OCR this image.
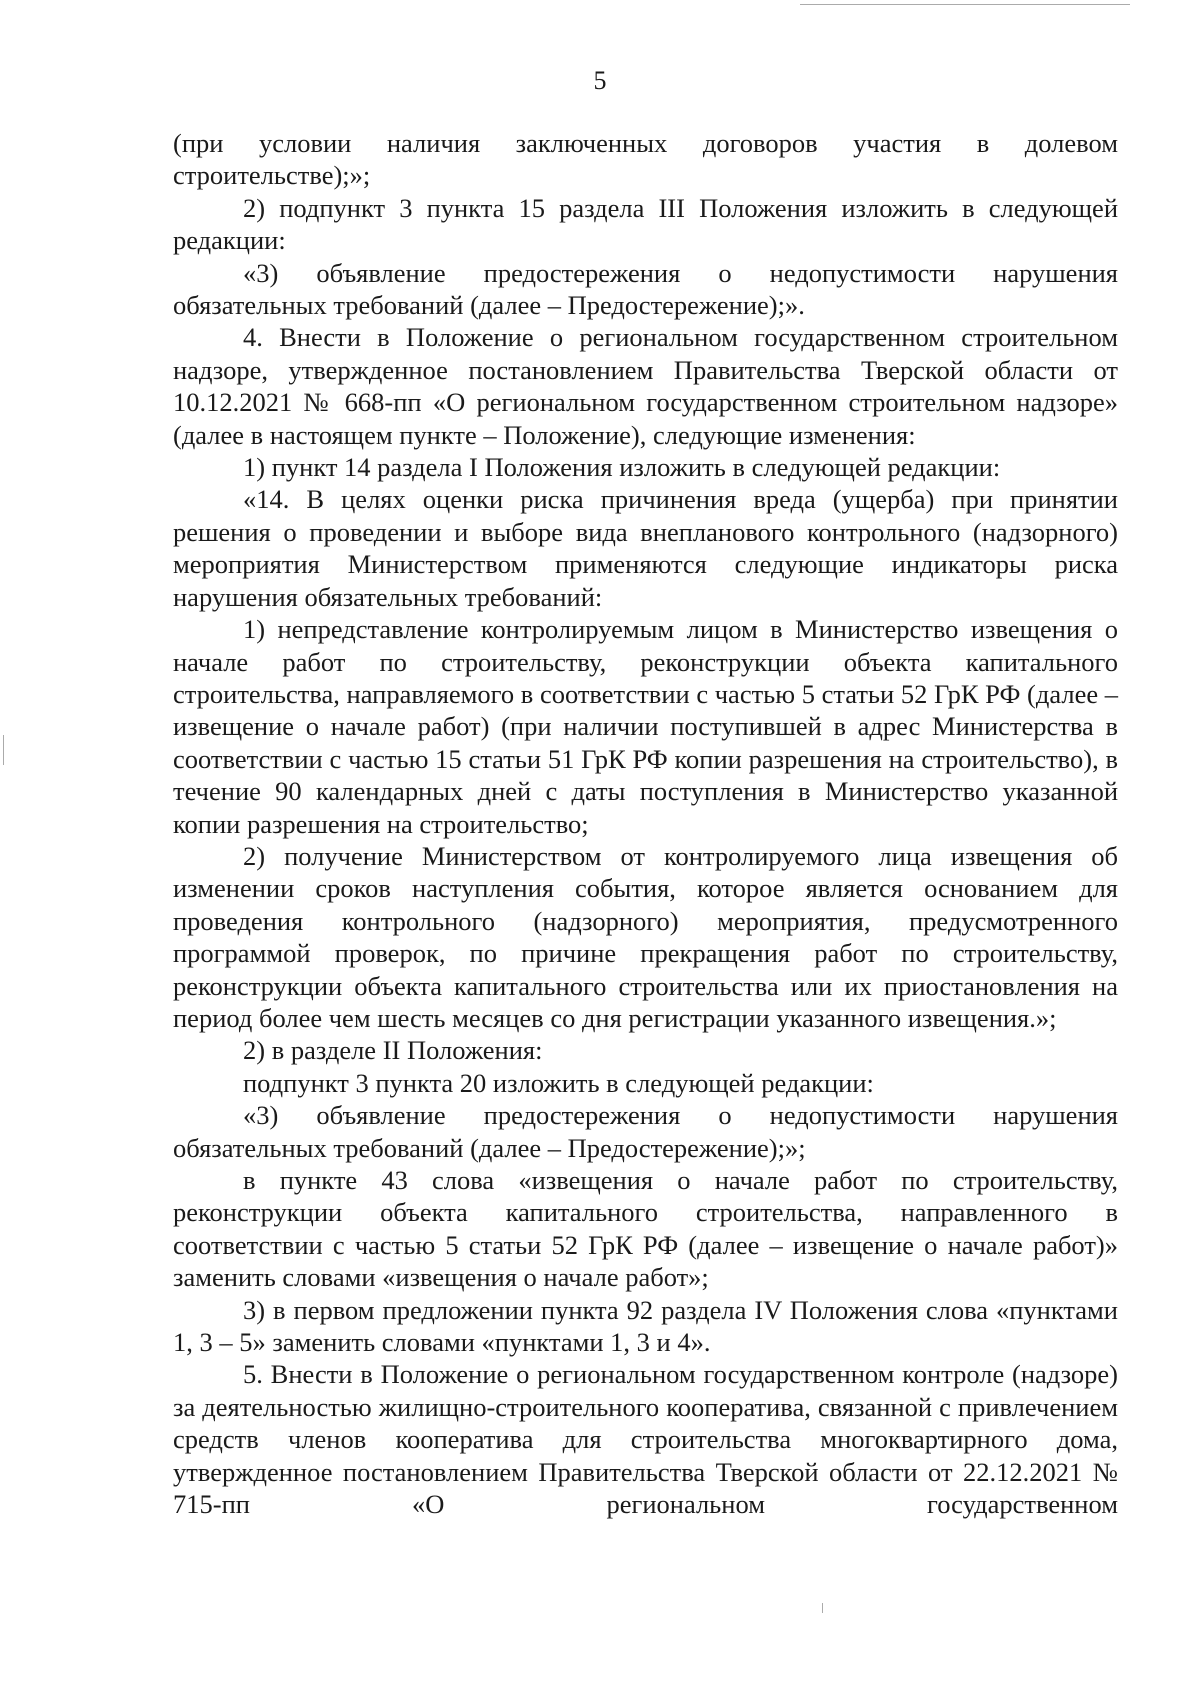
5

(при условии наличия заключенных договоров участия в долевом строительстве);»;

2) подпункт 3 пункта 15 раздела III Положения изложить в следующей редакции:

«3) объявление предостережения о недопустимости нарушения обязательных требований (далее – Предостережение);».

4. Внести в Положение о региональном государственном строительном надзоре, утвержденное постановлением Правительства Тверской области от 10.12.2021 № 668-пп «О региональном государственном строительном надзоре» (далее в настоящем пункте – Положение), следующие изменения:

1) пункт 14 раздела I Положения изложить в следующей редакции:

«14. В целях оценки риска причинения вреда (ущерба) при принятии решения о проведении и выборе вида внепланового контрольного (надзорного) мероприятия Министерством применяются следующие индикаторы риска нарушения обязательных требований:

1) непредставление контролируемым лицом в Министерство извещения о начале работ по строительству, реконструкции объекта капитального строительства, направляемого в соответствии с частью 5 статьи 52 ГрК РФ (далее – извещение о начале работ) (при наличии поступившей в адрес Министерства в соответствии с частью 15 статьи 51 ГрК РФ копии разрешения на строительство), в течение 90 календарных дней с даты поступления в Министерство указанной копии разрешения на строительство;

2) получение Министерством от контролируемого лица извещения об изменении сроков наступления события, которое является основанием для проведения контрольного (надзорного) мероприятия, предусмотренного программой проверок, по причине прекращения работ по строительству, реконструкции объекта капитального строительства или их приостановления на период более чем шесть месяцев со дня регистрации указанного извещения.»;

2) в разделе II Положения:

подпункт 3 пункта 20 изложить в следующей редакции:

«3) объявление предостережения о недопустимости нарушения обязательных требований (далее – Предостережение);»;

в пункте 43 слова «извещения о начале работ по строительству, реконструкции объекта капитального строительства, направленного в соответствии с частью 5 статьи 52 ГрК РФ (далее – извещение о начале работ)» заменить словами «извещения о начале работ»;

3) в первом предложении пункта 92 раздела IV Положения слова «пунктами 1, 3 – 5» заменить словами «пунктами 1, 3 и 4».

5. Внести в Положение о региональном государственном контроле (надзоре) за деятельностью жилищно-строительного кооператива, связанной с привлечением средств членов кооператива для строительства многоквартирного дома, утвержденное постановлением Правительства Тверской области от 22.12.2021 № 715-пп «О региональном государственном
